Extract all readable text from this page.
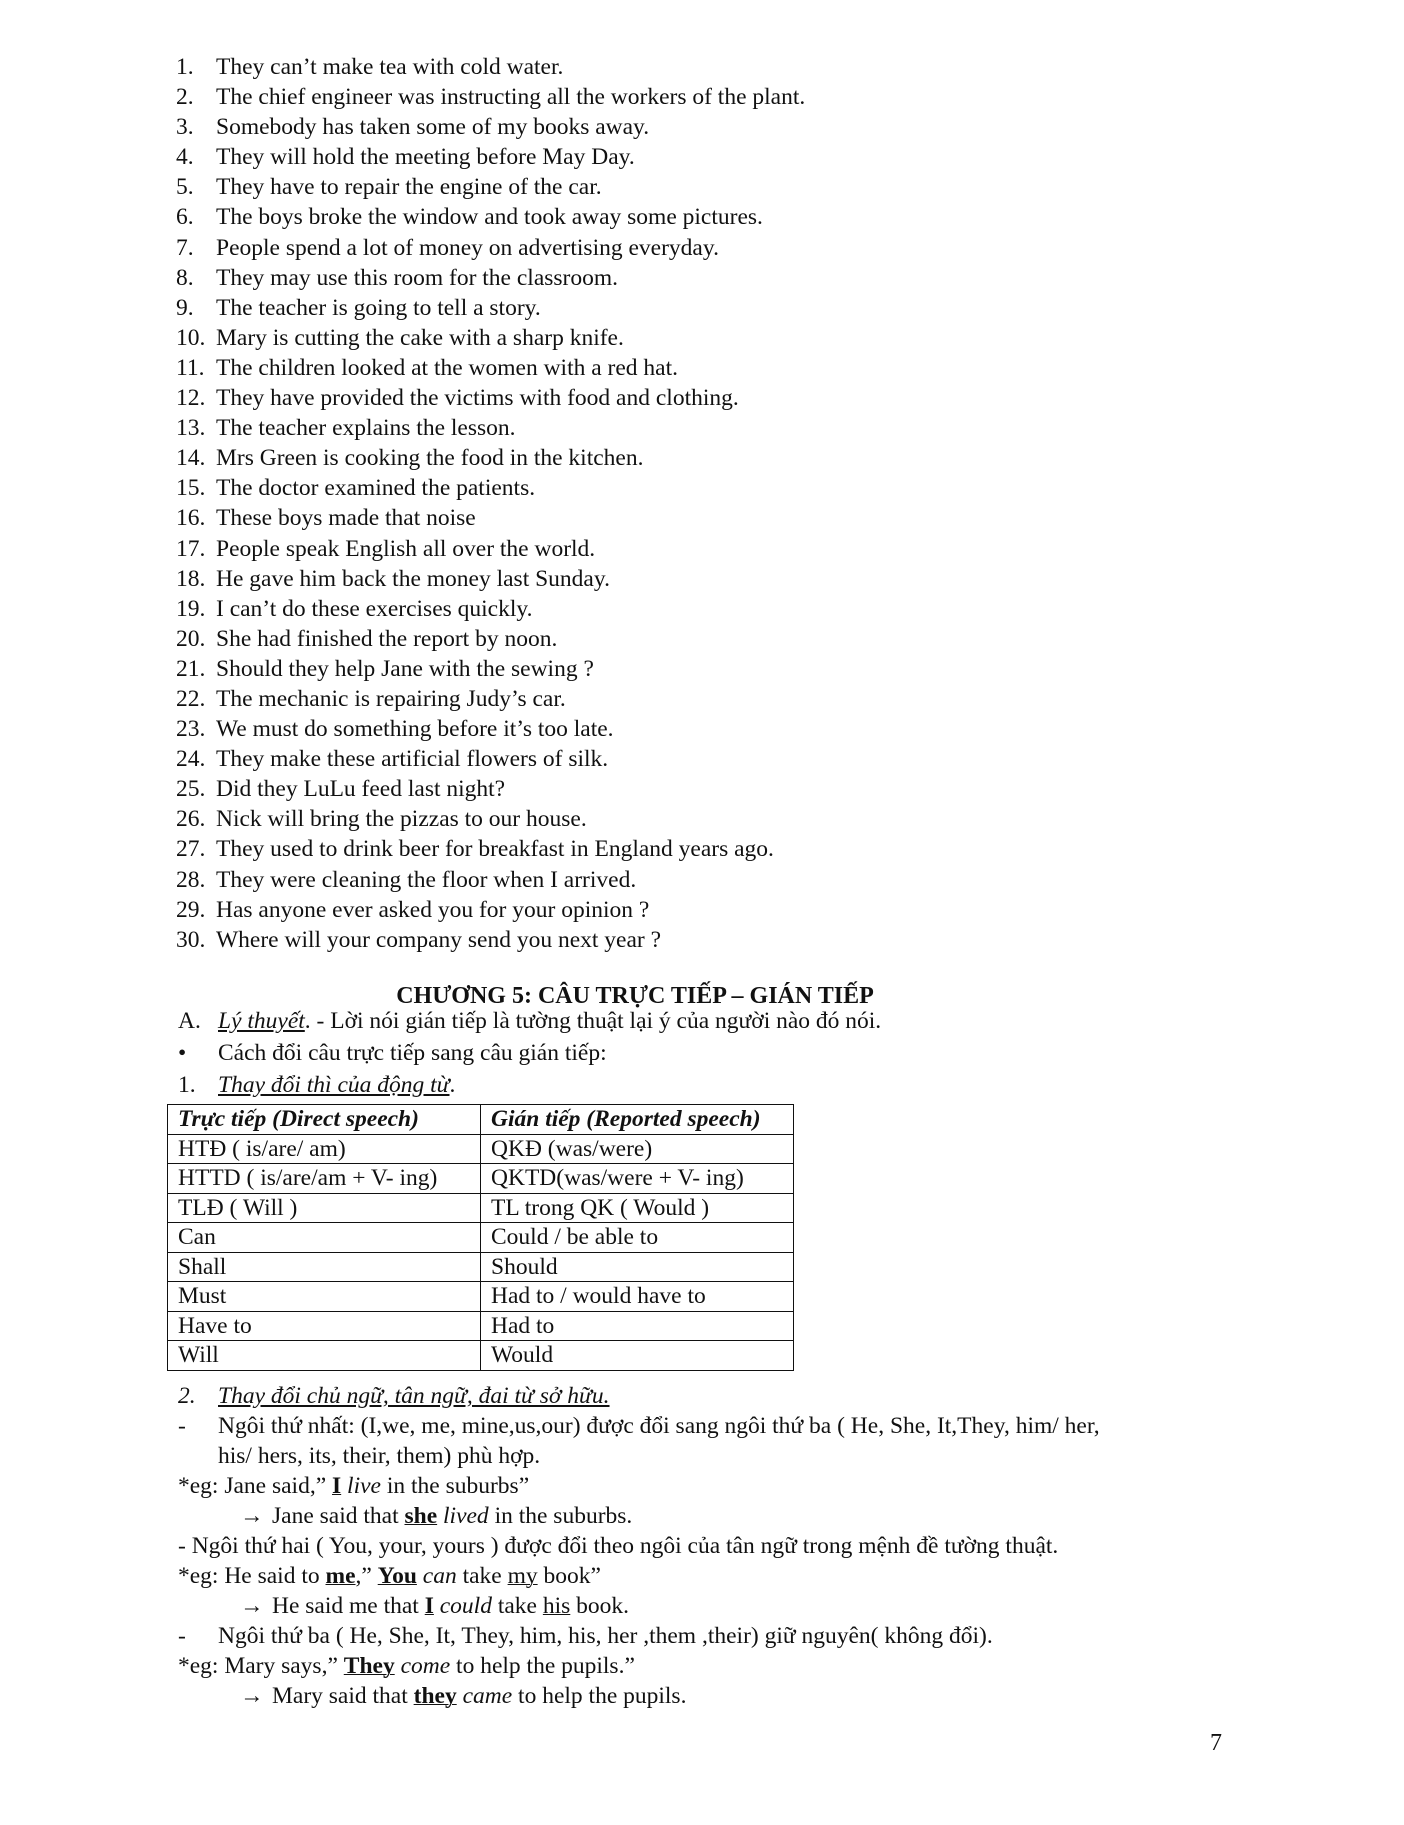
1. They can’t make tea with cold water.
2. The chief engineer was instructing all the workers of the plant.
3. Somebody has taken some of my books away.
4. They will hold the meeting before May Day.
5. They have to repair the engine of the car.
6. The boys broke the window and took away some pictures.
7. People spend a lot of money on advertising everyday.
8. They may use this room for the classroom.
9. The teacher is going to tell a story.
10. Mary is cutting the cake with a sharp knife.
11. The children looked at the women with a red hat.
12. They have provided the victims with food and clothing.
13. The teacher explains the lesson.
14. Mrs Green is cooking the food in the kitchen.
15. The doctor examined the patients.
16. These boys made that noise
17. People speak English all over the world.
18. He gave him back the money last Sunday.
19. I can’t do these exercises quickly.
20. She had finished the report by noon.
21. Should they help Jane with the sewing ?
22. The mechanic is repairing Judy’s car.
23. We must do something before it’s too late.
24. They make these artificial flowers of silk.
25. Did they LuLu feed last night?
26. Nick will bring the pizzas to our house.
27. They used to drink beer for breakfast in England years ago.
28. They were cleaning the floor when I arrived.
29. Has anyone ever asked you for your opinion ?
30. Where will your company send you next year ?
CHƯƠNG 5: CÂU TRỰC TIẾP – GIÁN TIẾP
A. Lý thuyết. - Lời nói gián tiếp là tường thuật lại ý của người nào đó nói.
• Cách đổi câu trực tiếp sang câu gián tiếp:
1. Thay đổi thì của động từ.
Trực tiếp (Direct speech)	Gián tiếp (Reported speech)
HTĐ ( is/are/ am)	QKĐ (was/were)
HTTD ( is/are/am + V- ing)	QKTD(was/were + V- ing)
TLĐ ( Will )	TL trong QK ( Would )
Can	Could / be able to
Shall	Should
Must	Had to / would have to
Have to	Had to
Will	Would
2. Thay đổi chủ ngữ, tân ngữ, đai từ sở hữu.
- Ngôi thứ nhất: (I,we, me, mine,us,our) được đổi sang ngôi thứ ba ( He, She, It,They, him/ her,
his/ hers, its, their, them) phù hợp.
*eg: Jane said,” I live in the suburbs”
→ Jane said that she lived in the suburbs.
- Ngôi thứ hai ( You, your, yours ) được đổi theo ngôi của tân ngữ trong mệnh đề tường thuật.
*eg: He said to me,” You can take my book”
→ He said me that I could take his book.
- Ngôi thứ ba ( He, She, It, They, him, his, her ,them ,their) giữ nguyên( không đổi).
*eg: Mary says,” They come to help the pupils.”
→ Mary said that they came to help the pupils.
7
